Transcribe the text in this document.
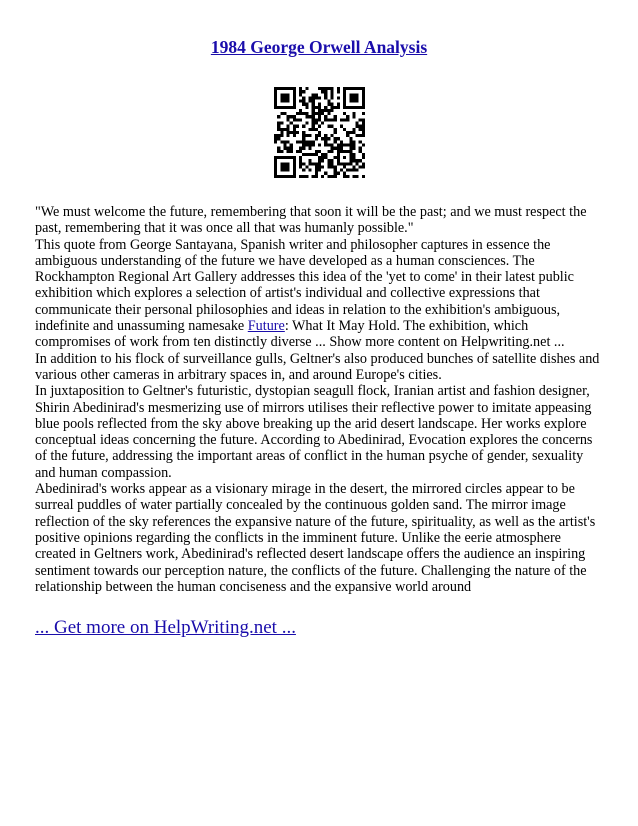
1984 George Orwell Analysis

"We must welcome the future, remembering that soon it will be the past; and we must respect the past, remembering that it was once all that was humanly possible."

This quote from George Santayana, Spanish writer and philosopher captures in essence the ambiguous understanding of the future we have developed as a human consciences. The Rockhampton Regional Art Gallery addresses this idea of the 'yet to come' in their latest public exhibition which explores a selection of artist's individual and collective expressions that communicate their personal philosophies and ideas in relation to the exhibition's ambiguous, indefinite and unassuming namesake Future: What It May Hold. The exhibition, which compromises of work from ten distinctly diverse ... Show more content on Helpwriting.net ...

In addition to his flock of surveillance gulls, Geltner's also produced bunches of satellite dishes and various other cameras in arbitrary spaces in, and around Europe's cities.

In juxtaposition to Geltner's futuristic, dystopian seagull flock, Iranian artist and fashion designer, Shirin Abedinirad's mesmerizing use of mirrors utilises their reflective power to imitate appeasing blue pools reflected from the sky above breaking up the arid desert landscape. Her works explore conceptual ideas concerning the future. According to Abedinirad, Evocation explores the concerns of the future, addressing the important areas of conflict in the human psyche of gender, sexuality and human compassion.

Abedinirad's works appear as a visionary mirage in the desert, the mirrored circles appear to be surreal puddles of water partially concealed by the continuous golden sand. The mirror image reflection of the sky references the expansive nature of the future, spirituality, as well as the artist's positive opinions regarding the conflicts in the imminent future. Unlike the eerie atmosphere created in Geltners work, Abedinirad's reflected desert landscape offers the audience an inspiring sentiment towards our perception nature, the conflicts of the future. Challenging the nature of the relationship between the human conciseness and the expansive world around

... Get more on HelpWriting.net ...
